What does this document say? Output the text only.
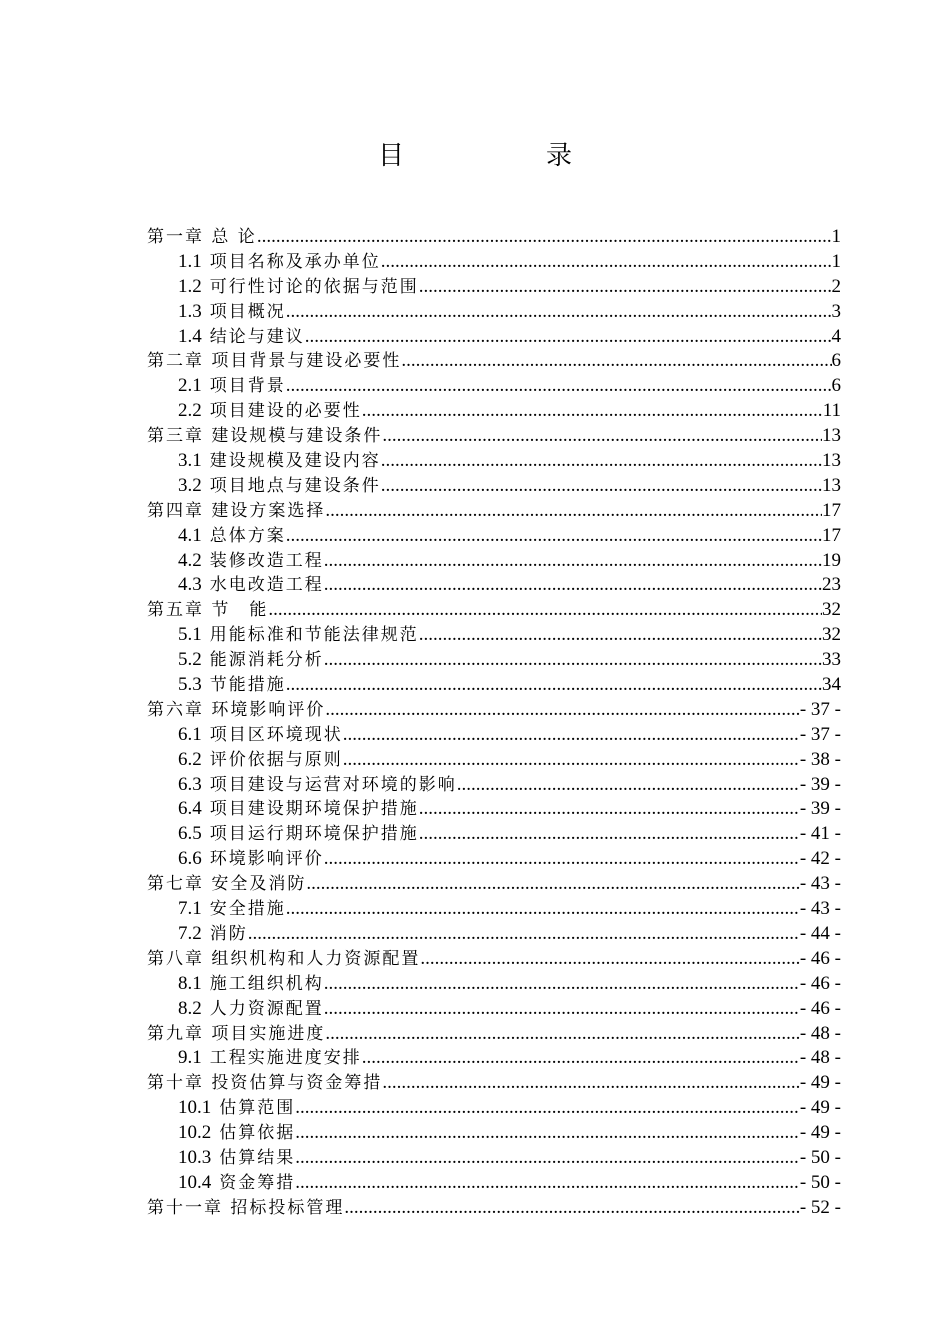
目　录
第一章 总 论 .....	1
1.1 项目名称及承办单位 .....	1
1.2 可行性讨论的依据与范围 .....	2
1.3 项目概况 .....	3
1.4 结论与建议 .....	4
第二章 项目背景与建设必要性 .....	6
2.1 项目背景 .....	6
2.2 项目建设的必要性 .....	11
第三章 建设规模与建设条件 .....	13
3.1 建设规模及建设内容 .....	13
3.2 项目地点与建设条件 .....	13
第四章 建设方案选择 .....	17
4.1 总体方案 .....	17
4.2 装修改造工程 .....	19
4.3 水电改造工程 .....	23
第五章 节　能 .....	32
5.1 用能标准和节能法律规范 .....	32
5.2 能源消耗分析 .....	33
5.3 节能措施 .....	34
第六章 环境影响评价 .....	- 37 -
6.1 项目区环境现状 .....	- 37 -
6.2 评价依据与原则 .....	- 38 -
6.3 项目建设与运营对环境的影响 .....	- 39 -
6.4 项目建设期环境保护措施 .....	- 39 -
6.5 项目运行期环境保护措施 .....	- 41 -
6.6 环境影响评价 .....	- 42 -
第七章 安全及消防 .....	- 43 -
7.1 安全措施 .....	- 43 -
7.2 消防 .....	- 44 -
第八章 组织机构和人力资源配置 .....	- 46 -
8.1 施工组织机构 .....	- 46 -
8.2 人力资源配置 .....	- 46 -
第九章 项目实施进度 .....	- 48 -
9.1 工程实施进度安排 .....	- 48 -
第十章 投资估算与资金筹措 .....	- 49 -
10.1 估算范围 .....	- 49 -
10.2 估算依据 .....	- 49 -
10.3 估算结果 .....	- 50 -
10.4 资金筹措 .....	- 50 -
第十一章 招标投标管理 .....	- 52 -
